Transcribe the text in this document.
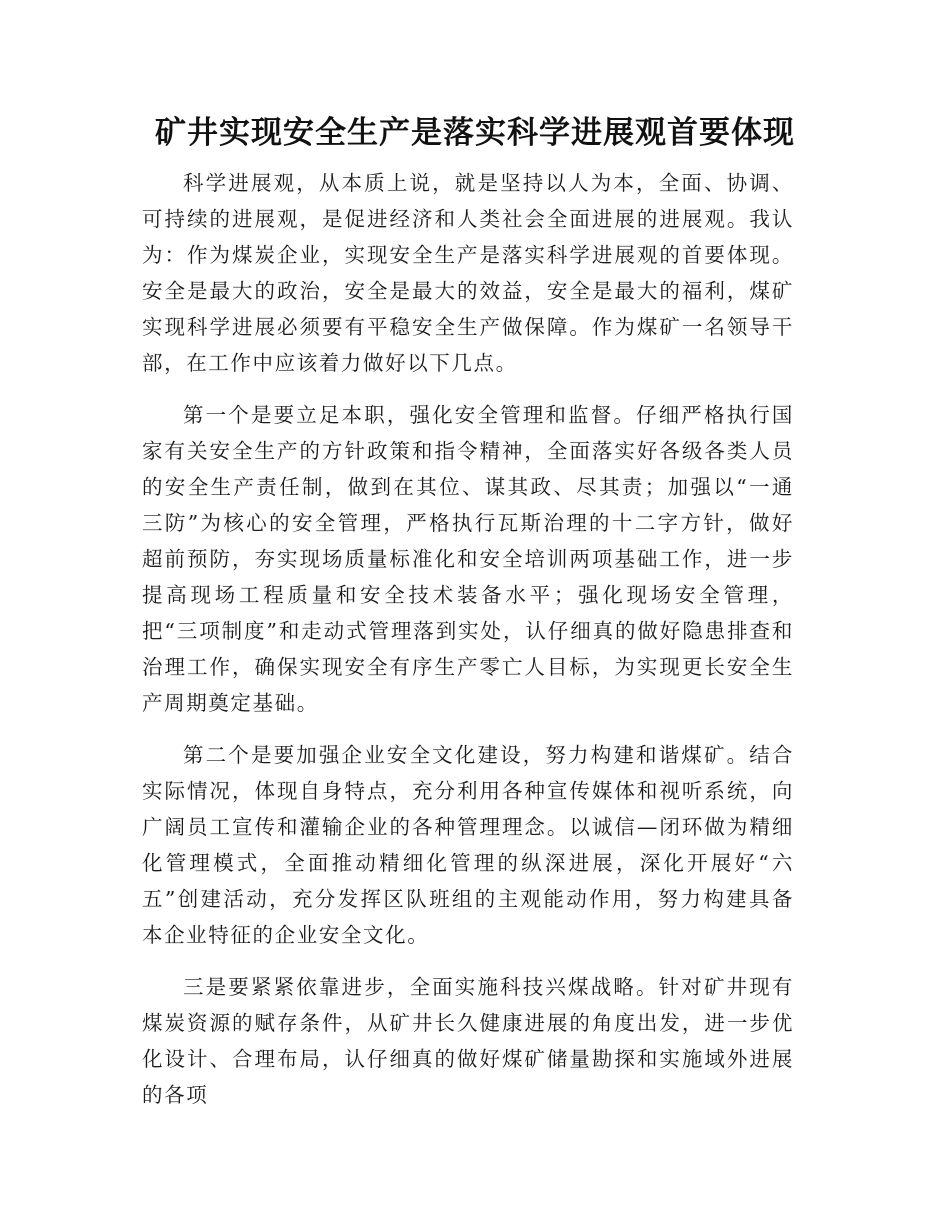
矿井实现安全生产是落实科学进展观首要体现

科学进展观，从本质上说，就是坚持以人为本，全面、协调、可持续的进展观，是促进经济和人类社会全面进展的进展观。我认为：作为煤炭企业，实现安全生产是落实科学进展观的首要体现。安全是最大的政治，安全是最大的效益，安全是最大的福利，煤矿实现科学进展必须要有平稳安全生产做保障。作为煤矿一名领导干部，在工作中应该着力做好以下几点。

第一个是要立足本职，强化安全管理和监督。仔细严格执行国家有关安全生产的方针政策和指令精神，全面落实好各级各类人员的安全生产责任制，做到在其位、谋其政、尽其责；加强以“一通三防”为核心的安全管理，严格执行瓦斯治理的十二字方针，做好超前预防，夯实现场质量标准化和安全培训两项基础工作，进一步提高现场工程质量和安全技术装备水平；强化现场安全管理，把“三项制度”和走动式管理落到实处，认仔细真的做好隐患排查和治理工作，确保实现安全有序生产零亡人目标，为实现更长安全生产周期奠定基础。

第二个是要加强企业安全文化建设，努力构建和谐煤矿。结合实际情况，体现自身特点，充分利用各种宣传媒体和视听系统，向广阔员工宣传和灌输企业的各种管理理念。以诚信—闭环做为精细化管理模式，全面推动精细化管理的纵深进展，深化开展好“六五”创建活动，充分发挥区队班组的主观能动作用，努力构建具备本企业特征的企业安全文化。

三是要紧紧依靠进步，全面实施科技兴煤战略。针对矿井现有煤炭资源的赋存条件，从矿井长久健康进展的角度出发，进一步优化设计、合理布局，认仔细真的做好煤矿储量勘探和实施域外进展的各项
